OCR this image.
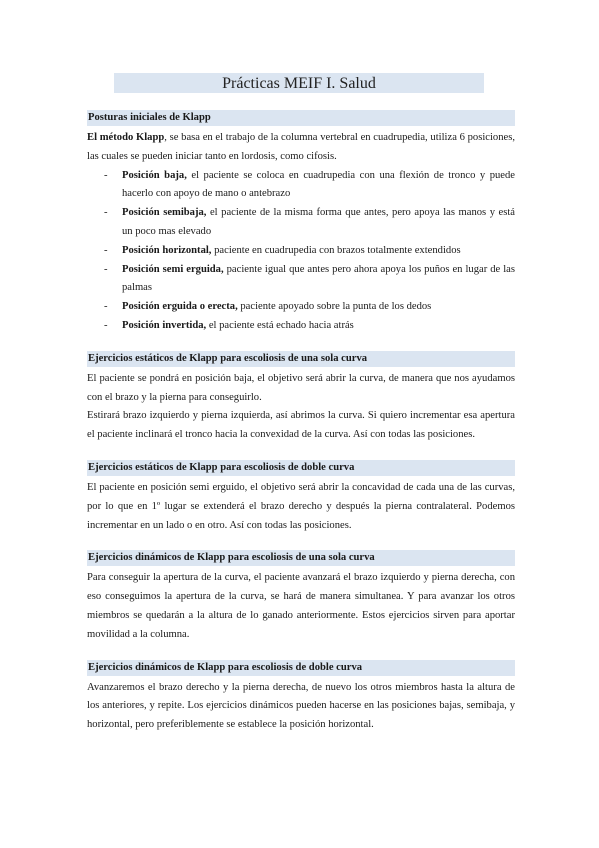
Prácticas MEIF I. Salud
Posturas iniciales de Klapp

El método Klapp, se basa en el trabajo de la columna vertebral en cuadrupedia, utiliza 6 posiciones, las cuales se pueden iniciar tanto en lordosis, como cifosis.

- Posición baja, el paciente se coloca en cuadrupedia con una flexión de tronco y puede hacerlo con apoyo de mano o antebrazo
- Posición semibaja, el paciente de la misma forma que antes, pero apoya las manos y está un poco mas elevado
- Posición horizontal, paciente en cuadrupedia con brazos totalmente extendidos
- Posición semi erguida, paciente igual que antes pero ahora apoya los puños en lugar de las palmas
- Posición erguida o erecta, paciente apoyado sobre la punta de los dedos
- Posición invertida, el paciente está echado hacia atrás
Ejercicios estáticos de Klapp para escoliosis de una sola curva

El paciente se pondrá en posición baja, el objetivo será abrir la curva, de manera que nos ayudamos con el brazo y la pierna para conseguirlo.

Estirará brazo izquierdo y pierna izquierda, así abrimos la curva. Si quiero incrementar esa apertura el paciente inclinará el tronco hacia la convexidad de la curva. Así con todas las posiciones.

Ejercicios estáticos de Klapp para escoliosis de doble curva

El paciente en posición semi erguido, el objetivo será abrir la concavidad de cada una de las curvas, por lo que en 1º lugar se extenderá el brazo derecho y después la pierna contralateral. Podemos incrementar en un lado o en otro. Así con todas las posiciones.

Ejercicios dinámicos de Klapp para escoliosis de una sola curva

Para conseguir la apertura de la curva, el paciente avanzará el brazo izquierdo y pierna derecha, con eso conseguimos la apertura de la curva, se hará de manera simultanea. Y para avanzar los otros miembros se quedarán a la altura de lo ganado anteriormente. Estos ejercicios sirven para aportar movilidad a la columna.

Ejercicios dinámicos de Klapp para escoliosis de doble curva

Avanzaremos el brazo derecho y la pierna derecha, de nuevo los otros miembros hasta la altura de los anteriores, y repite. Los ejercicios dinámicos pueden hacerse en las posiciones bajas, semibaja, y horizontal, pero preferiblemente se establece la posición horizontal.
